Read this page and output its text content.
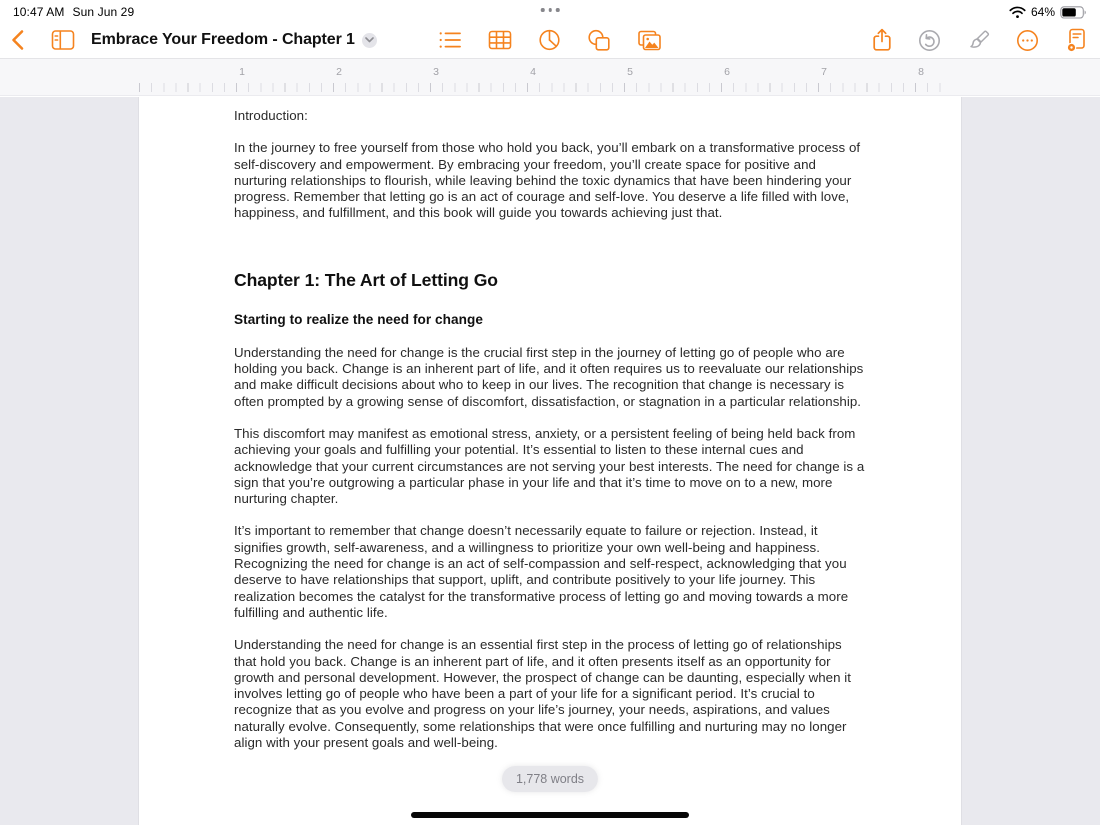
10:47 AM Sun Jun 29	64%
Embrace Your Freedom - Chapter 1
1	2	3	4	5	6	7	8

Introduction:

In the journey to free yourself from those who hold you back, you’ll embark on a transformative process of self-discovery and empowerment. By embracing your freedom, you’ll create space for positive and nurturing relationships to flourish, while leaving behind the toxic dynamics that have been hindering your progress. Remember that letting go is an act of courage and self-love. You deserve a life filled with love, happiness, and fulfillment, and this book will guide you towards achieving just that.

Chapter 1: The Art of Letting Go
Starting to realize the need for change

Understanding the need for change is the crucial first step in the journey of letting go of people who are holding you back. Change is an inherent part of life, and it often requires us to reevaluate our relationships and make difficult decisions about who to keep in our lives. The recognition that change is necessary is often prompted by a growing sense of discomfort, dissatisfaction, or stagnation in a particular relationship.

This discomfort may manifest as emotional stress, anxiety, or a persistent feeling of being held back from achieving your goals and fulfilling your potential. It’s essential to listen to these internal cues and acknowledge that your current circumstances are not serving your best interests. The need for change is a sign that you’re outgrowing a particular phase in your life and that it’s time to move on to a new, more nurturing chapter.

It’s important to remember that change doesn’t necessarily equate to failure or rejection. Instead, it signifies growth, self-awareness, and a willingness to prioritize your own well-being and happiness. Recognizing the need for change is an act of self-compassion and self-respect, acknowledging that you deserve to have relationships that support, uplift, and contribute positively to your life journey. This realization becomes the catalyst for the transformative process of letting go and moving towards a more fulfilling and authentic life.

Understanding the need for change is an essential first step in the process of letting go of relationships that hold you back. Change is an inherent part of life, and it often presents itself as an opportunity for growth and personal development. However, the prospect of change can be daunting, especially when it involves letting go of people who have been a part of your life for a significant period. It’s crucial to recognize that as you evolve and progress on your life’s journey, your needs, aspirations, and values naturally evolve. Consequently, some relationships that were once fulfilling and nurturing may no longer align with your present goals and well-being.

1,778 words
